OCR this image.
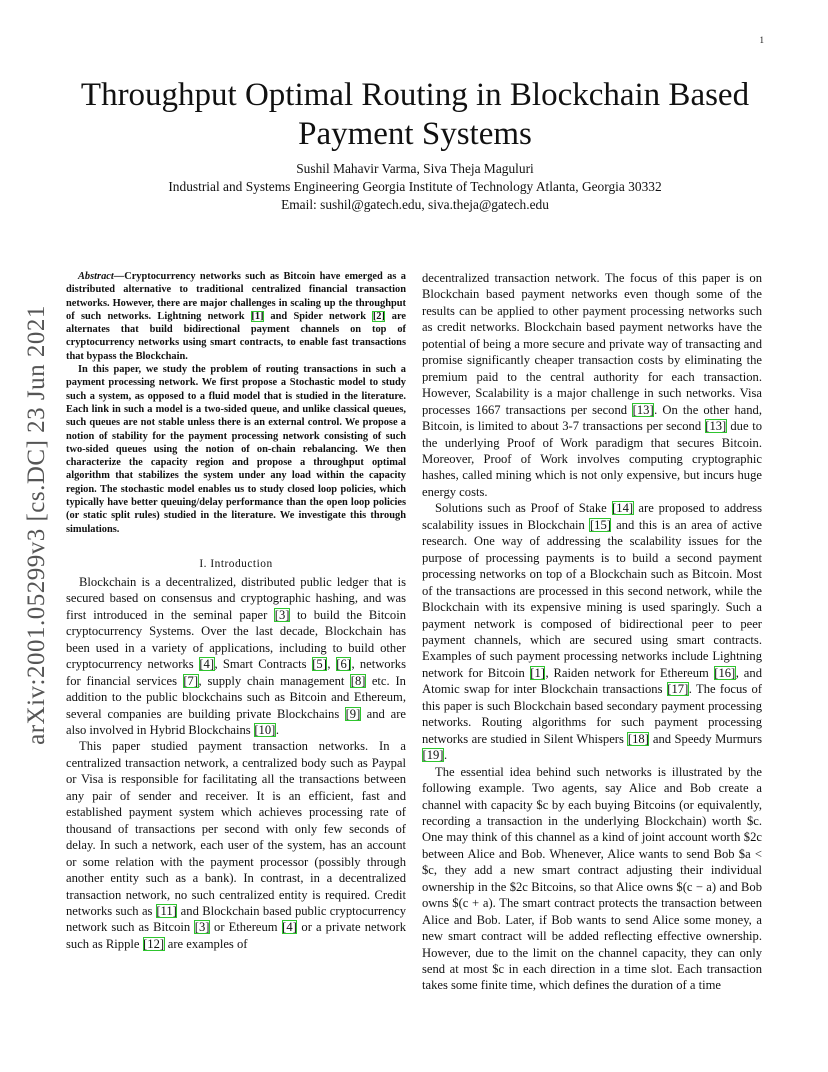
1
arXiv:2001.05299v3 [cs.DC] 23 Jun 2021
Throughput Optimal Routing in Blockchain Based Payment Systems
Sushil Mahavir Varma, Siva Theja Maguluri
Industrial and Systems Engineering Georgia Institute of Technology Atlanta, Georgia 30332
Email: sushil@gatech.edu, siva.theja@gatech.edu

Abstract—Cryptocurrency networks such as Bitcoin have emerged as a distributed alternative to traditional centralized financial transaction networks. However, there are major challenges in scaling up the throughput of such networks. Lightning network [1] and Spider network [2] are alternates that build bidirectional payment channels on top of cryptocurrency networks using smart contracts, to enable fast transactions that bypass the Blockchain.

In this paper, we study the problem of routing transactions in such a payment processing network. We first propose a Stochastic model to study such a system, as opposed to a fluid model that is studied in the literature. Each link in such a model is a two-sided queue, and unlike classical queues, such queues are not stable unless there is an external control. We propose a notion of stability for the payment processing network consisting of such two-sided queues using the notion of on-chain rebalancing. We then characterize the capacity region and propose a throughput optimal algorithm that stabilizes the system under any load within the capacity region. The stochastic model enables us to study closed loop policies, which typically have better queuing/delay performance than the open loop policies (or static split rules) studied in the literature. We investigate this through simulations.

I. Introduction

Blockchain is a decentralized, distributed public ledger that is secured based on consensus and cryptographic hashing, and was first introduced in the seminal paper [3] to build the Bitcoin cryptocurrency Systems. Over the last decade, Blockchain has been used in a variety of applications, including to build other cryptocurrency networks [4], Smart Contracts [5], [6], networks for financial services [7], supply chain management [8] etc. In addition to the public blockchains such as Bitcoin and Ethereum, several companies are building private Blockchains [9] and are also involved in Hybrid Blockchains [10].

This paper studied payment transaction networks. In a centralized transaction network, a centralized body such as Paypal or Visa is responsible for facilitating all the transactions between any pair of sender and receiver. It is an efficient, fast and established payment system which achieves processing rate of thousand of transactions per second with only few seconds of delay. In such a network, each user of the system, has an account or some relation with the payment processor (possibly through another entity such as a bank). In contrast, in a decentralized transaction network, no such centralized entity is required. Credit networks such as [11] and Blockchain based public cryptocurrency network such as Bitcoin [3] or Ethereum [4] or a private network such as Ripple [12] are examples of

decentralized transaction network. The focus of this paper is on Blockchain based payment networks even though some of the results can be applied to other payment processing networks such as credit networks. Blockchain based payment networks have the potential of being a more secure and private way of transacting and promise significantly cheaper transaction costs by eliminating the premium paid to the central authority for each transaction. However, Scalability is a major challenge in such networks. Visa processes 1667 transactions per second [13]. On the other hand, Bitcoin, is limited to about 3-7 transactions per second [13] due to the underlying Proof of Work paradigm that secures Bitcoin. Moreover, Proof of Work involves computing cryptographic hashes, called mining which is not only expensive, but incurs huge energy costs.

Solutions such as Proof of Stake [14] are proposed to address scalability issues in Blockchain [15] and this is an area of active research. One way of addressing the scalability issues for the purpose of processing payments is to build a second payment processing networks on top of a Blockchain such as Bitcoin. Most of the transactions are processed in this second network, while the Blockchain with its expensive mining is used sparingly. Such a payment network is composed of bidirectional peer to peer payment channels, which are secured using smart contracts. Examples of such payment processing networks include Lightning network for Bitcoin [1], Raiden network for Ethereum [16], and Atomic swap for inter Blockchain transactions [17]. The focus of this paper is such Blockchain based secondary payment processing networks. Routing algorithms for such payment processing networks are studied in Silent Whispers [18] and Speedy Murmurs [19].

The essential idea behind such networks is illustrated by the following example. Two agents, say Alice and Bob create a channel with capacity $c by each buying Bitcoins (or equivalently, recording a transaction in the underlying Blockchain) worth $c. One may think of this channel as a kind of joint account worth $2c between Alice and Bob. Whenever, Alice wants to send Bob $a < $c, they add a new smart contract adjusting their individual ownership in the $2c Bitcoins, so that Alice owns $(c − a) and Bob owns $(c + a). The smart contract protects the transaction between Alice and Bob. Later, if Bob wants to send Alice some money, a new smart contract will be added reflecting effective ownership. However, due to the limit on the channel capacity, they can only send at most $c in each direction in a time slot. Each transaction takes some finite time, which defines the duration of a time
